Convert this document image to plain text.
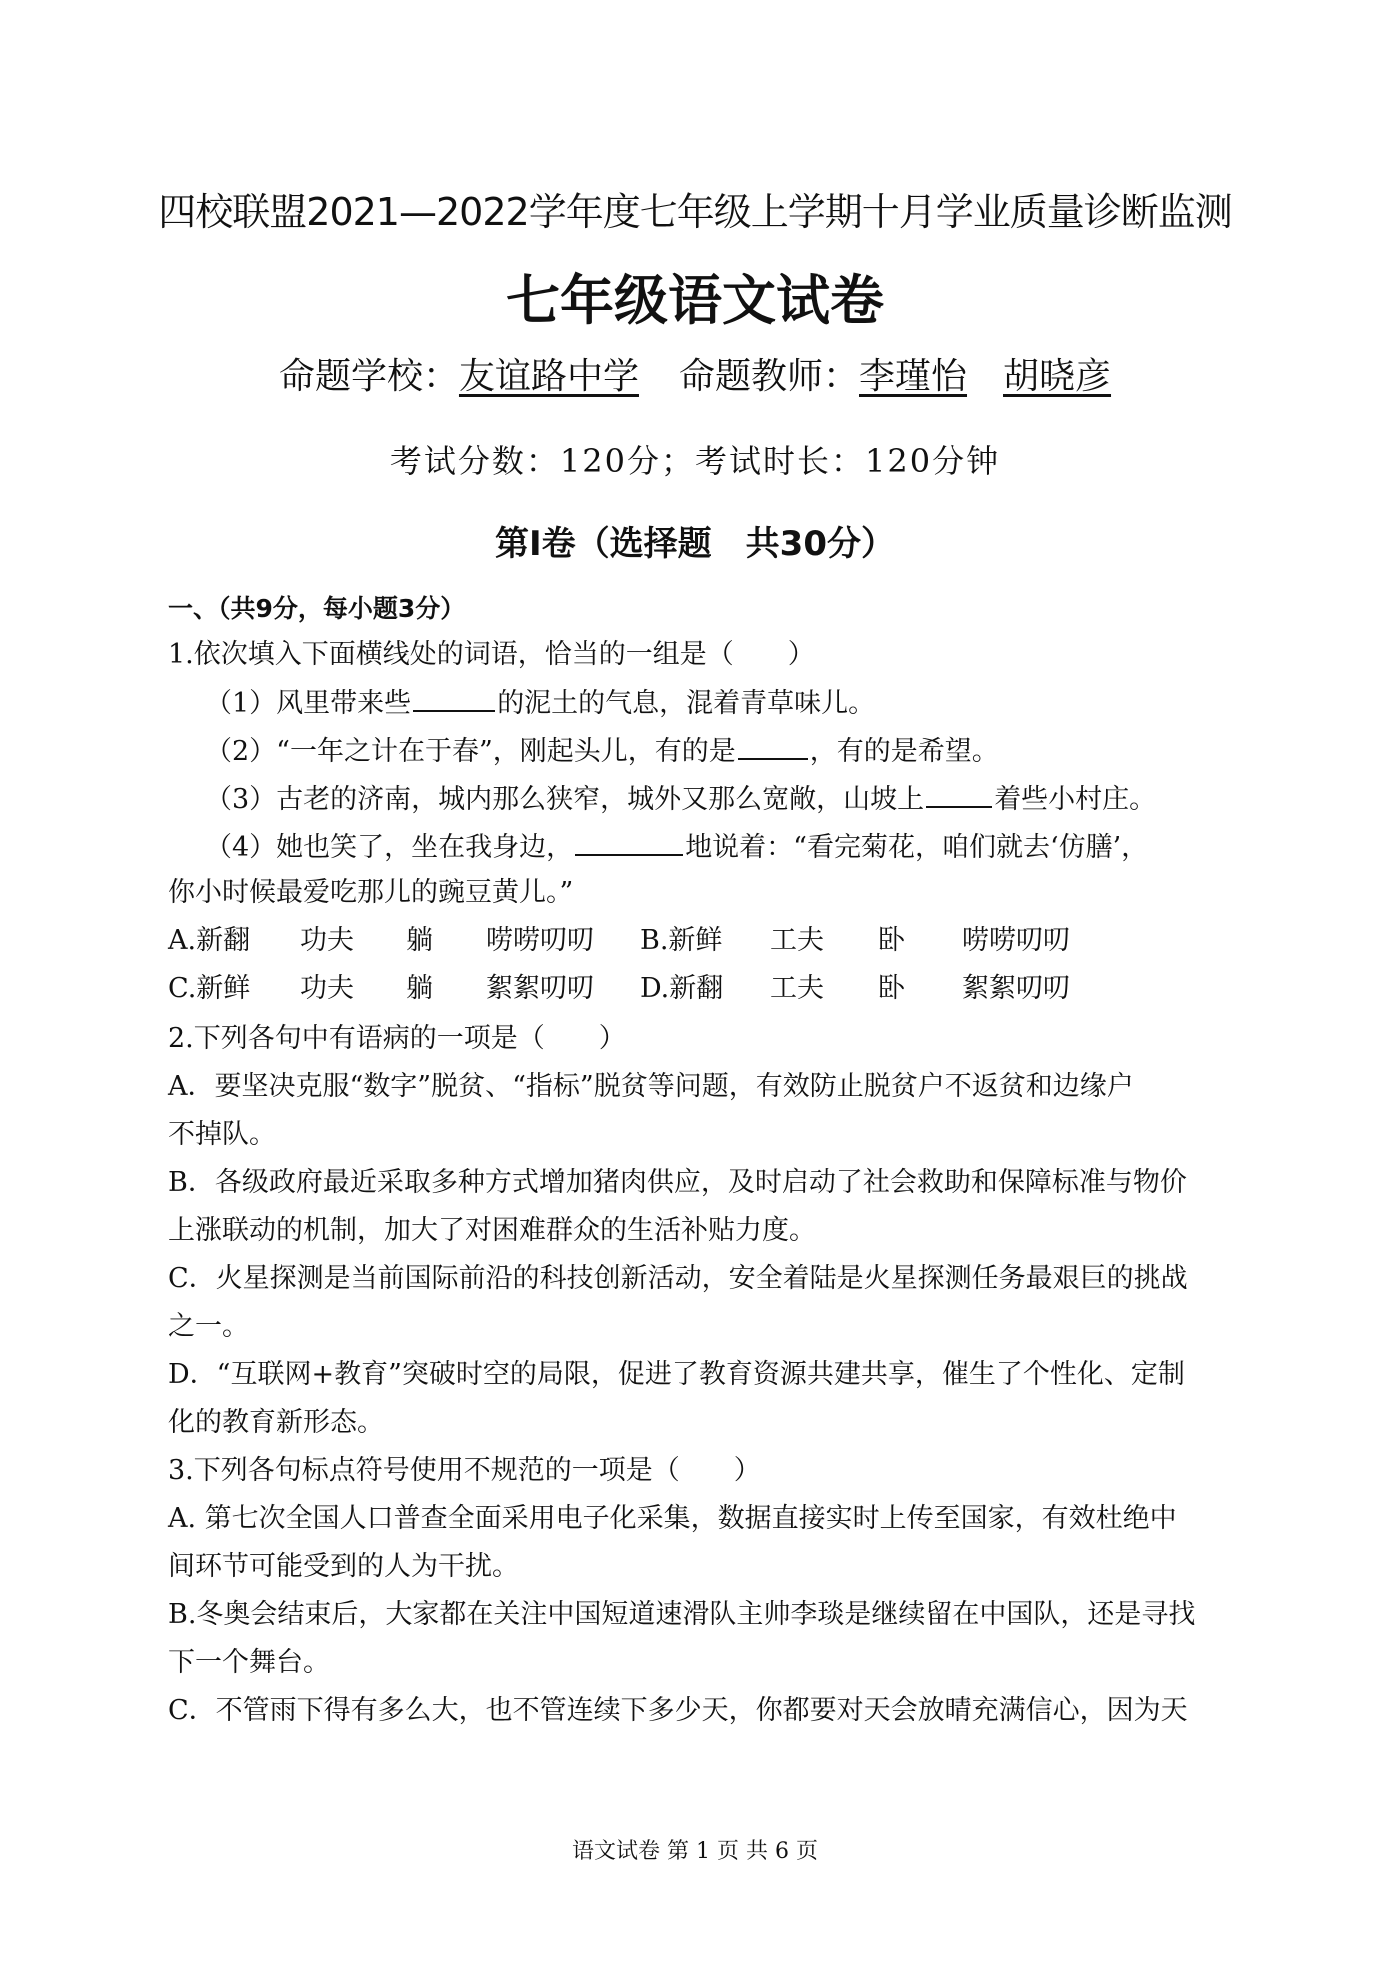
四校联盟2021—2022学年度七年级上学期十月学业质量诊断监测
七年级语文试卷
命题学校：友谊路中学 命题教师：李瑾怡 胡晓彦
考试分数：120分；考试时长：120分钟
第Ⅰ卷（选择题　共30分）
一、（共9分，每小题3分）
1.依次填入下面横线处的词语，恰当的一组是（　　）
（1）风里带来些	的泥土的气息，混着青草味儿。
（2）“一年之计在于春”，刚起头儿，有的是	，有的是希望。
（3）古老的济南，城内那么狭窄，城外又那么宽敞，山坡上	着些小村庄。
（4）她也笑了，坐在我身边，	地说着：“看完菊花，咱们就去‘仿膳’，
你小时候最爱吃那儿的豌豆黄儿。”
A.新翻 功夫 躺 唠唠叨叨 B.新鲜 工夫 卧 唠唠叨叨
C.新鲜 功夫 躺 絮絮叨叨 D.新翻 工夫 卧 絮絮叨叨
2.下列各句中有语病的一项是（　　）
A．要坚决克服“数字”脱贫、“指标”脱贫等问题，有效防止脱贫户不返贫和边缘户
不掉队。
B．各级政府最近采取多种方式增加猪肉供应，及时启动了社会救助和保障标准与物价
上涨联动的机制，加大了对困难群众的生活补贴力度。
C．火星探测是当前国际前沿的科技创新活动，安全着陆是火星探测任务最艰巨的挑战
之一。
D．“互联网+教育”突破时空的局限，促进了教育资源共建共享，催生了个性化、定制
化的教育新形态。
3.下列各句标点符号使用不规范的一项是（　　）
A. 第七次全国人口普查全面采用电子化采集，数据直接实时上传至国家，有效杜绝中
间环节可能受到的人为干扰。
B.冬奥会结束后，大家都在关注中国短道速滑队主帅李琰是继续留在中国队，还是寻找
下一个舞台。
C．不管雨下得有多么大，也不管连续下多少天，你都要对天会放晴充满信心，因为天
语文试卷 第 1 页 共 6 页
